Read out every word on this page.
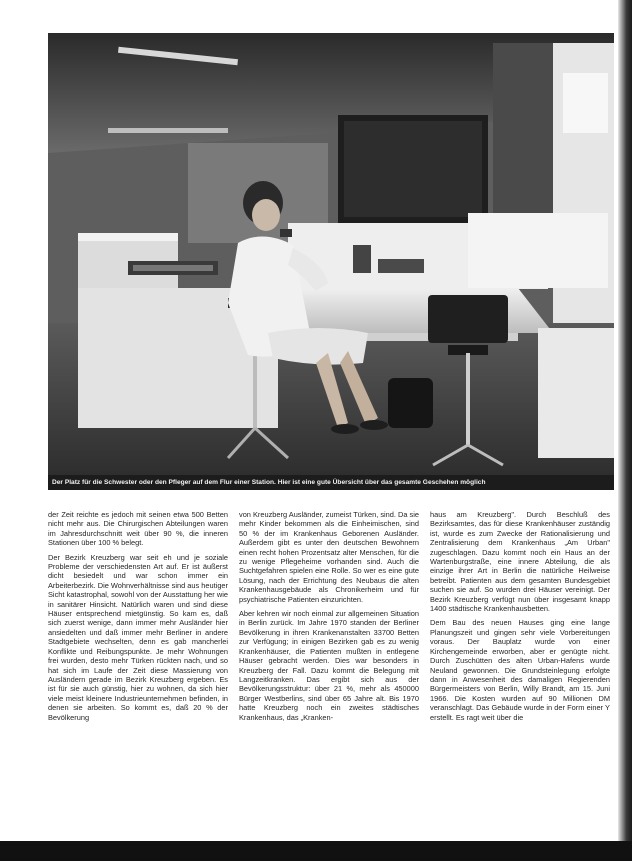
Der Platz für die Schwester oder den Pfleger auf dem Flur einer Station. Hier ist eine gute Übersicht über das gesamte Geschehen möglich

der Zeit reichte es jedoch mit seinen etwa 500 Betten nicht mehr aus. Die Chirurgischen Abteilungen waren im Jahresdurchschnitt weit über 90 %, die inneren Stationen über 100 % belegt.

Der Bezirk Kreuzberg war seit eh und je soziale Probleme der verschiedensten Art auf. Er ist äußerst dicht besiedelt und war schon immer ein Arbeiterbezirk. Die Wohnverhältnisse sind aus heutiger Sicht katastrophal, sowohl von der Ausstattung her wie in sanitärer Hinsicht. Natürlich waren und sind diese Häuser entsprechend mietgünstig. So kam es, daß sich zuerst wenige, dann immer mehr Ausländer hier ansiedelten und daß immer mehr Berliner in andere Stadtgebiete wechselten, denn es gab mancherlei Konflikte und Reibungspunkte. Je mehr Wohnungen frei wurden, desto mehr Türken rückten nach, und so hat sich im Laufe der Zeit diese Massierung von Ausländern gerade im Bezirk Kreuzberg ergeben. Es ist für sie auch günstig, hier zu wohnen, da sich hier viele meist kleinere Industrieunternehmen befinden, in denen sie arbeiten. So kommt es, daß 20 % der Bevölkerung

von Kreuzberg Ausländer, zumeist Türken, sind. Da sie mehr Kinder bekommen als die Einheimischen, sind 50 % der im Krankenhaus Geborenen Ausländer. Außerdem gibt es unter den deutschen Bewohnern einen recht hohen Prozentsatz alter Menschen, für die zu wenige Pflegeheime vorhanden sind. Auch die Suchtgefahren spielen eine Rolle. So wer es eine gute Lösung, nach der Errichtung des Neubaus die alten Krankenhausgebäude als Chronikerheim und für psychiatrische Patienten einzurichten.

Aber kehren wir noch einmal zur allgemeinen Situation in Berlin zurück. Im Jahre 1970 standen der Berliner Bevölkerung in ihren Krankenanstalten 33700 Betten zur Verfügung; in einigen Bezirken gab es zu wenig Krankenhäuser, die Patienten mußten in entlegene Häuser gebracht werden. Dies war besonders in Kreuzberg der Fall. Dazu kommt die Belegung mit Langzeitkranken. Das ergibt sich aus der Bevölkerungsstruktur: über 21 %, mehr als 450000 Bürger Westberlins, sind über 65 Jahre alt. Bis 1970 hatte Kreuzberg noch ein zweites städtisches Krankenhaus, das „Kranken-

haus am Kreuzberg". Durch Beschluß des Bezirksamtes, das für diese Krankenhäuser zuständig ist, wurde es zum Zwecke der Rationalisierung und Zentralisierung dem Krankenhaus „Am Urban" zugeschlagen. Dazu kommt noch ein Haus an der Wartenburgstraße, eine innere Abteilung, die als einzige ihrer Art in Berlin die natürliche Heilweise betreibt. Patienten aus dem gesamten Bundesgebiet suchen sie auf. So wurden drei Häuser vereinigt. Der Bezirk Kreuzberg verfügt nun über insgesamt knapp 1400 städtische Krankenhausbetten.

Dem Bau des neuen Hauses ging eine lange Planungszeit und gingen sehr viele Vorbereitungen voraus. Der Bauplatz wurde von einer Kirchengemeinde erworben, aber er genügte nicht. Durch Zuschütten des alten Urban-Hafens wurde Neuland gewonnen. Die Grundsteinlegung erfolgte dann in Anwesenheit des damaligen Regierenden Bürgermeisters von Berlin, Willy Brandt, am 15. Juni 1966. Die Kosten wurden auf 90 Millionen DM veranschlagt. Das Gebäude wurde in der Form einer Y erstellt. Es ragt weit über die
